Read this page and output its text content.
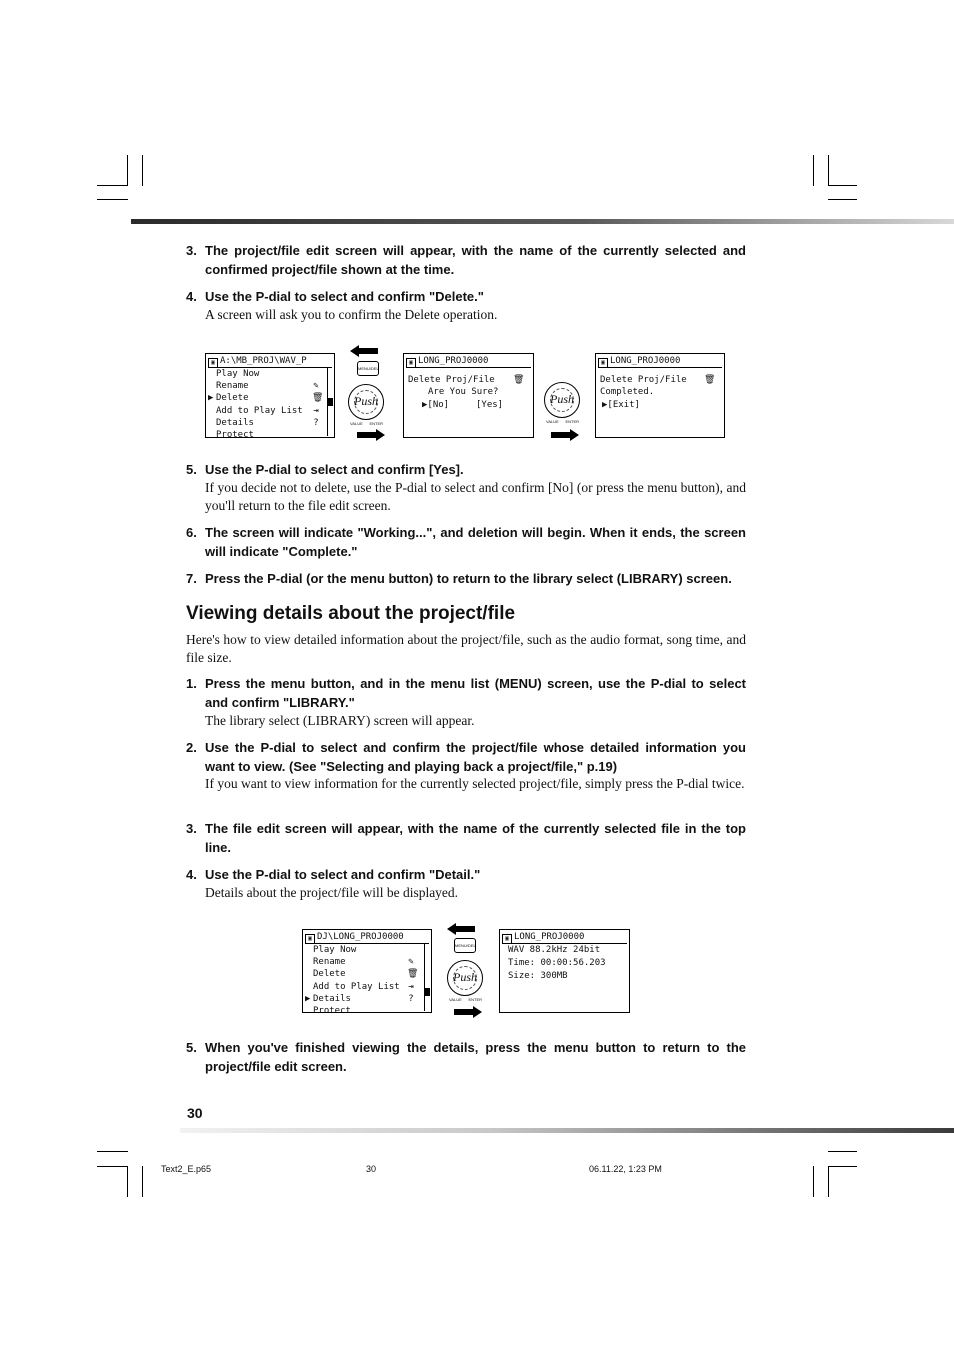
3. The project/file edit screen will appear, with the name of the currently selected and confirmed project/file shown at the time.
4. Use the P-dial to select and confirm "Delete."
A screen will ask you to confirm the Delete operation.
▣ A:\MB_PROJ\WAV_P
Play Now
Rename
▶ Delete
Add to Play List
Details
Protect
✎
🗑
⇥
?
MENU/DEL
Push
VALUE ENTER
▣ LONG_PROJ0000
Delete Proj/File
Are You Sure?
▶[No]	[Yes]
🗑
Push
VALUE ENTER
▣ LONG_PROJ0000
Delete Proj/File
Completed.
▶[Exit]
🗑
5. Use the P-dial to select and confirm [Yes].
If you decide not to delete, use the P-dial to select and confirm [No] (or press the menu button), and you'll return to the file edit screen.
6. The screen will indicate "Working...", and deletion will begin. When it ends, the screen will indicate "Complete."
7. Press the P-dial (or the menu button) to return to the library select (LIBRARY) screen.
Viewing details about the project/file
Here's how to view detailed information about the project/file, such as the audio format, song time, and file size.
1. Press the menu button, and in the menu list (MENU) screen, use the P-dial to select and confirm "LIBRARY."
The library select (LIBRARY) screen will appear.
2. Use the P-dial to select and confirm the project/file whose detailed information you want to view. (See "Selecting and playing back a project/file," p.19)
If you want to view information for the currently selected project/file, simply press the P-dial twice.
3. The file edit screen will appear, with the name of the currently selected file in the top line.
4. Use the P-dial to select and confirm "Detail."
Details about the project/file will be displayed.
▣ DJ\LONG_PROJ0000
Play Now
Rename
Delete
Add to Play List
▶ Details
Protect
✎
🗑
⇥
?
MENU/DEL
Push
VALUE ENTER
▣ LONG_PROJ0000
WAV 88.2kHz 24bit
Time: 00:00:56.203
Size: 300MB
5. When you've finished viewing the details, press the menu button to return to the project/file edit screen.
30
Text2_E.p65	30	06.11.22, 1:23 PM
